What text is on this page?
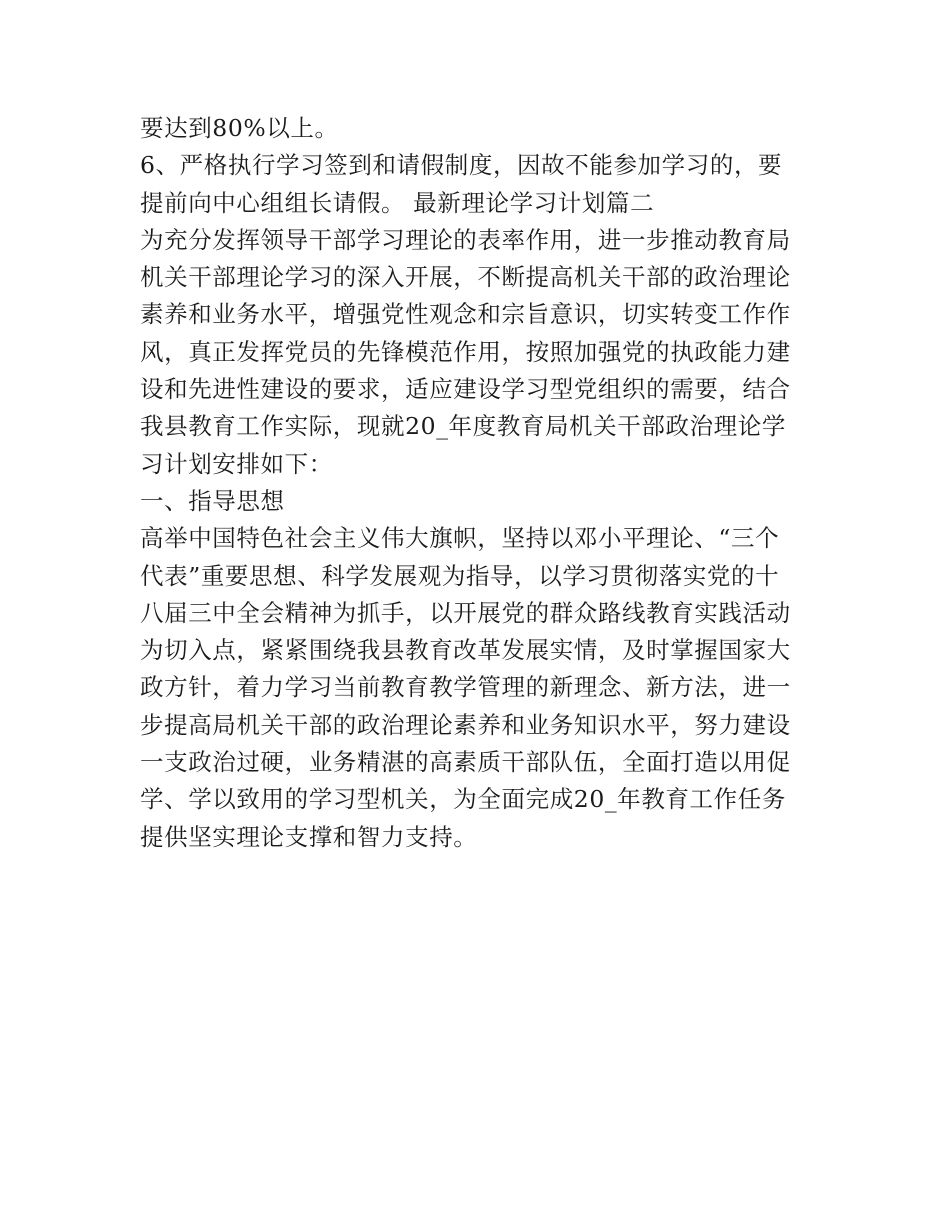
要达到80%以上。
6、严格执行学习签到和请假制度，因故不能参加学习的，要
提前向中心组组长请假。 最新理论学习计划篇二
为充分发挥领导干部学习理论的表率作用，进一步推动教育局
机关干部理论学习的深入开展，不断提高机关干部的政治理论
素养和业务水平，增强党性观念和宗旨意识，切实转变工作作
风，真正发挥党员的先锋模范作用，按照加强党的执政能力建
设和先进性建设的要求，适应建设学习型党组织的需要，结合
我县教育工作实际，现就20_年度教育局机关干部政治理论学
习计划安排如下：
一、指导思想
高举中国特色社会主义伟大旗帜，坚持以邓小平理论、“三个
代表”重要思想、科学发展观为指导，以学习贯彻落实党的十
八届三中全会精神为抓手，以开展党的群众路线教育实践活动
为切入点，紧紧围绕我县教育改革发展实情，及时掌握国家大
政方针，着力学习当前教育教学管理的新理念、新方法，进一
步提高局机关干部的政治理论素养和业务知识水平，努力建设
一支政治过硬，业务精湛的高素质干部队伍，全面打造以用促
学、学以致用的学习型机关，为全面完成20_年教育工作任务
提供坚实理论支撑和智力支持。
